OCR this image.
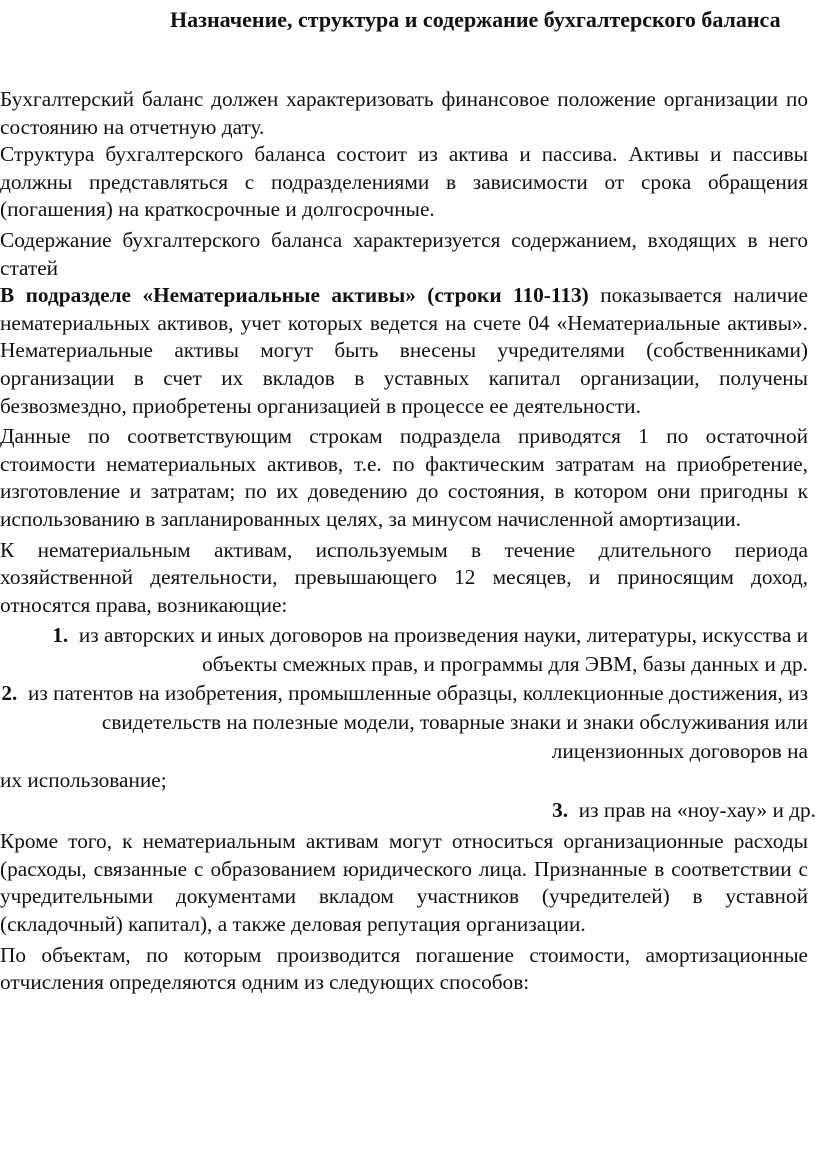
Назначение, структура и содержание бухгалтерского баланса

Бухгалтерский баланс должен характеризовать финансовое положение организации по состоянию на отчетную дату.

Структура бухгалтерского баланса состоит из актива и пассива. Активы и пассивы должны представляться с подразделениями в зависимости от срока обращения (погашения) на краткосрочные и долгосрочные.

Содержание бухгалтерского баланса характеризуется содержанием, входящих в него статей

В подразделе «Нематериальные активы» (строки 110-113) показывается наличие нематериальных активов, учет которых ведется на счете 04 «Нематериальные активы». Нематериальные активы могут быть внесены учредителями (собственниками) организации в счет их вкладов в уставных капитал организации, получены безвозмездно, приобретены организацией в процессе ее деятельности.

Данные по соответствующим строкам подраздела приводятся 1 по остаточной стоимости нематериальных активов, т.е. по фактическим затратам на приобретение, изготовление и затратам; по их доведению до состояния, в котором они пригодны к использованию в запланированных целях, за минусом начисленной амортизации.

К нематериальным активам, используемым в течение длительного периода хозяйственной деятельности, превышающего 12 месяцев, и приносящим доход, относятся права, возникающие:

1. из авторских и иных договоров на произведения науки, литературы, искусства и объекты смежных прав, и программы для ЭВМ, базы данных и др.

2. из патентов на изобретения, промышленные образцы, коллекционные достижения, из свидетельств на полезные модели, товарные знаки и знаки обслуживания или лицензионных договоров на
их использование;

3. из прав на «ноу-хау» и др.

Кроме того, к нематериальным активам могут относиться организационные расходы (расходы, связанные с образованием юридического лица. Признанные в соответствии с учредительными документами вкладом участников (учредителей) в уставной (складочный) капитал), а также деловая репутация организации.

По объектам, по которым производится погашение стоимости, амортизационные отчисления определяются одним из следующих способов:
